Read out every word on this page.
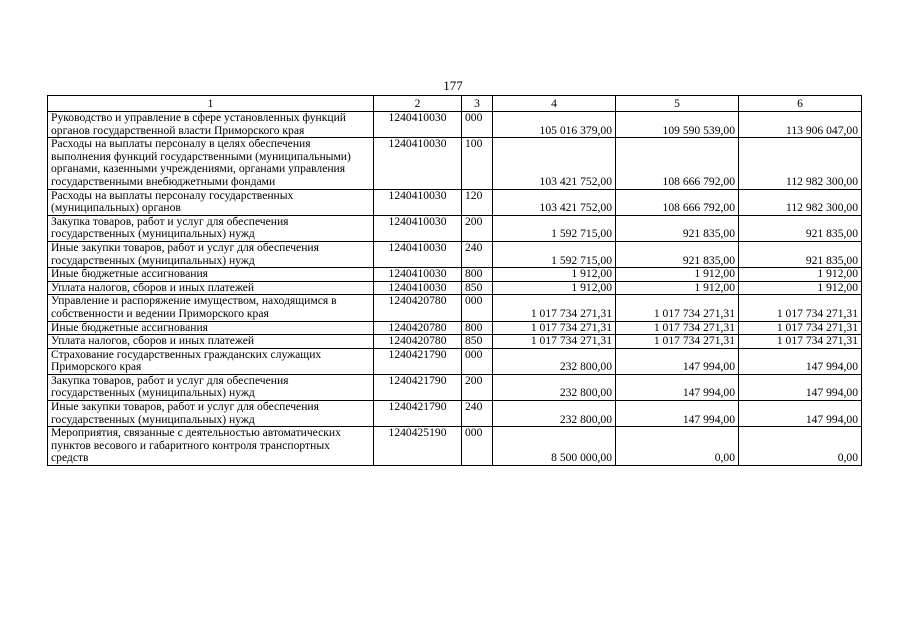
177
1	2	3	4	5	6
Руководство и управление в сфере установленных функций органов государственной власти Приморского края	1240410030	000	105 016 379,00	109 590 539,00	113 906 047,00
Расходы на выплаты персоналу в целях обеспечения выполнения функций государственными (муниципальными) органами, казенными учреждениями, органами управления государственными внебюджетными фондами	1240410030	100	103 421 752,00	108 666 792,00	112 982 300,00
Расходы на выплаты персоналу государственных (муниципальных) органов	1240410030	120	103 421 752,00	108 666 792,00	112 982 300,00
Закупка товаров, работ и услуг для обеспечения государственных (муниципальных) нужд	1240410030	200	1 592 715,00	921 835,00	921 835,00
Иные закупки товаров, работ и услуг для обеспечения государственных (муниципальных) нужд	1240410030	240	1 592 715,00	921 835,00	921 835,00
Иные бюджетные ассигнования	1240410030	800	1 912,00	1 912,00	1 912,00
Уплата налогов, сборов и иных платежей	1240410030	850	1 912,00	1 912,00	1 912,00
Управление и распоряжение имуществом, находящимся в собственности и ведении Приморского края	1240420780	000	1 017 734 271,31	1 017 734 271,31	1 017 734 271,31
Иные бюджетные ассигнования	1240420780	800	1 017 734 271,31	1 017 734 271,31	1 017 734 271,31
Уплата налогов, сборов и иных платежей	1240420780	850	1 017 734 271,31	1 017 734 271,31	1 017 734 271,31
Страхование государственных гражданских служащих Приморского края	1240421790	000	232 800,00	147 994,00	147 994,00
Закупка товаров, работ и услуг для обеспечения государственных (муниципальных) нужд	1240421790	200	232 800,00	147 994,00	147 994,00
Иные закупки товаров, работ и услуг для обеспечения государственных (муниципальных) нужд	1240421790	240	232 800,00	147 994,00	147 994,00
Мероприятия, связанные с деятельностью автоматических пунктов весового и габаритного контроля транспортных средств	1240425190	000	8 500 000,00	0,00	0,00
